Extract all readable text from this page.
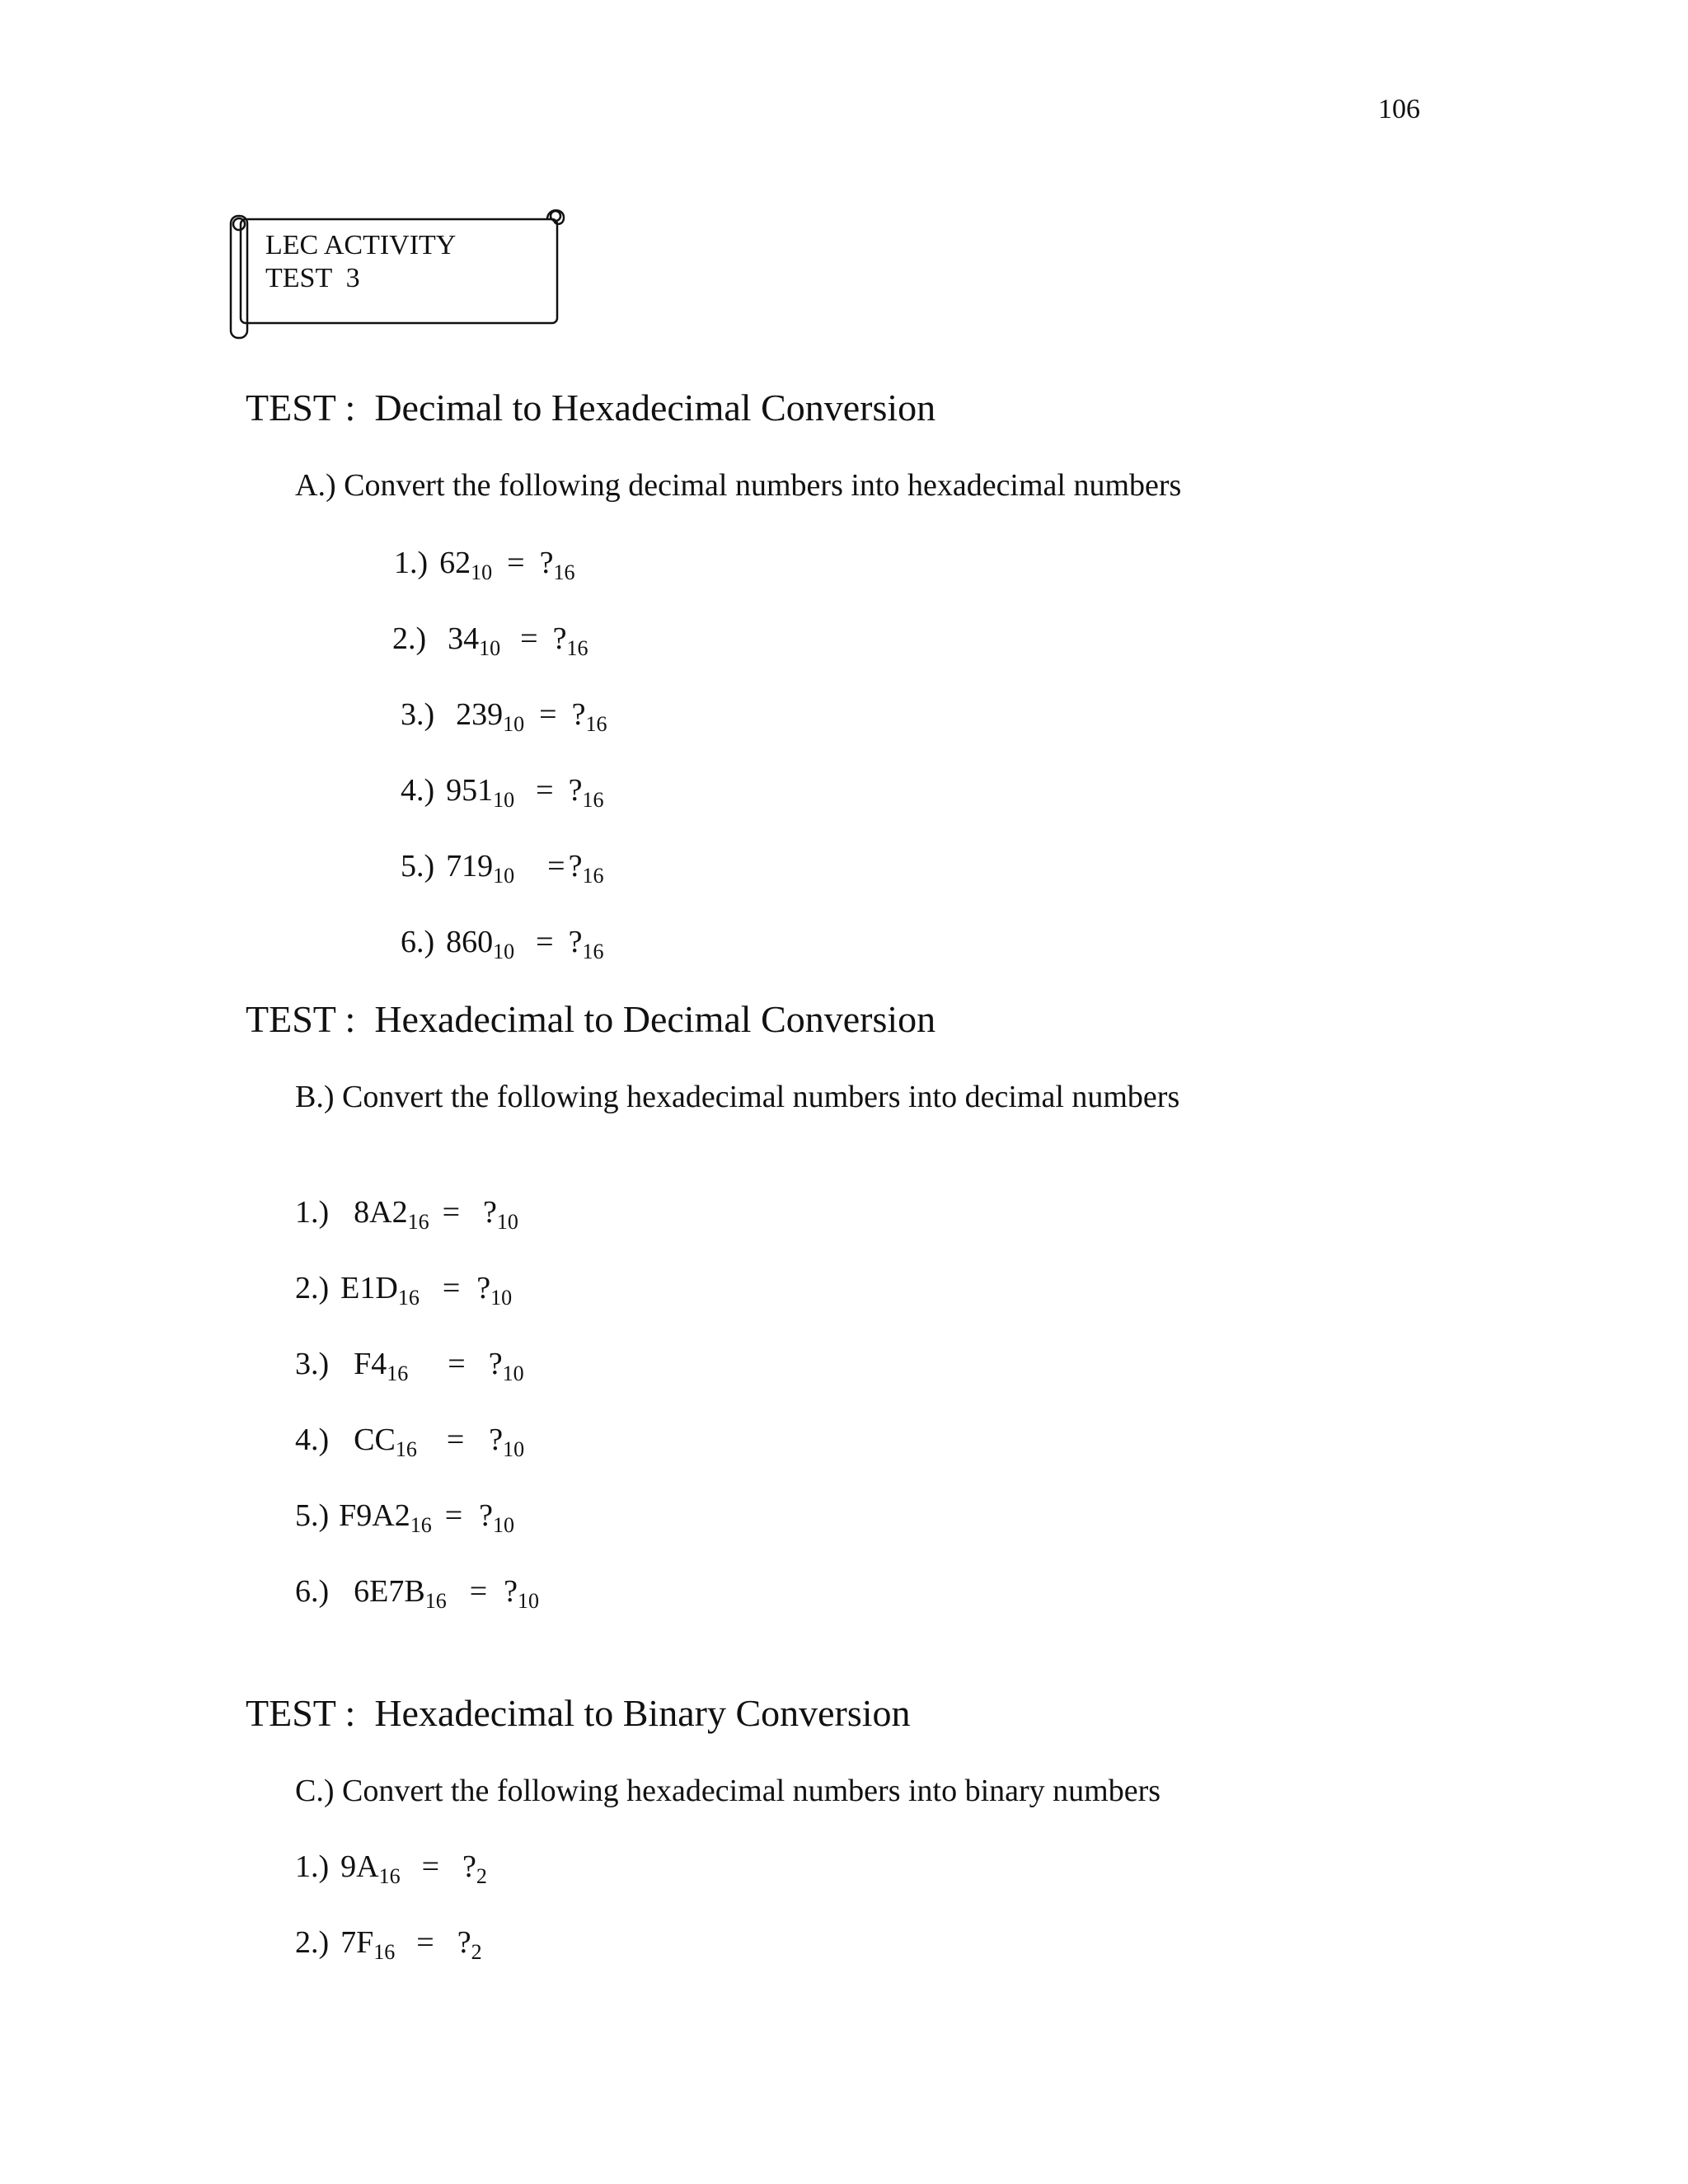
106
LEC ACTIVITY
TEST  3
TEST :  Decimal to Hexadecimal Conversion
A.) Convert the following decimal numbers into hexadecimal numbers
1.) $62_{10}$ = $?_{16}$
2.) $34_{10}$ = $?_{16}$
3.) $239_{10}$ = $?_{16}$
4.) $951_{10}$ = $?_{16}$
5.) $719_{10}$ = $?_{16}$
6.) $860_{10}$ = $?_{16}$
TEST :  Hexadecimal to Decimal Conversion
B.) Convert the following hexadecimal numbers into decimal numbers
1.) $8A2_{16}$ = $?_{10}$
2.) $E1D_{16}$ = $?_{10}$
3.) $F4_{16}$ = $?_{10}$
4.) $CC_{16}$ = $?_{10}$
5.) $F9A2_{16}$ = $?_{10}$
6.) $6E7B_{16}$ = $?_{10}$
TEST :  Hexadecimal to Binary Conversion
C.) Convert the following hexadecimal numbers into binary numbers
1.) $9A_{16}$ = $?_2$
2.) $7F_{16}$ = $?_2$
